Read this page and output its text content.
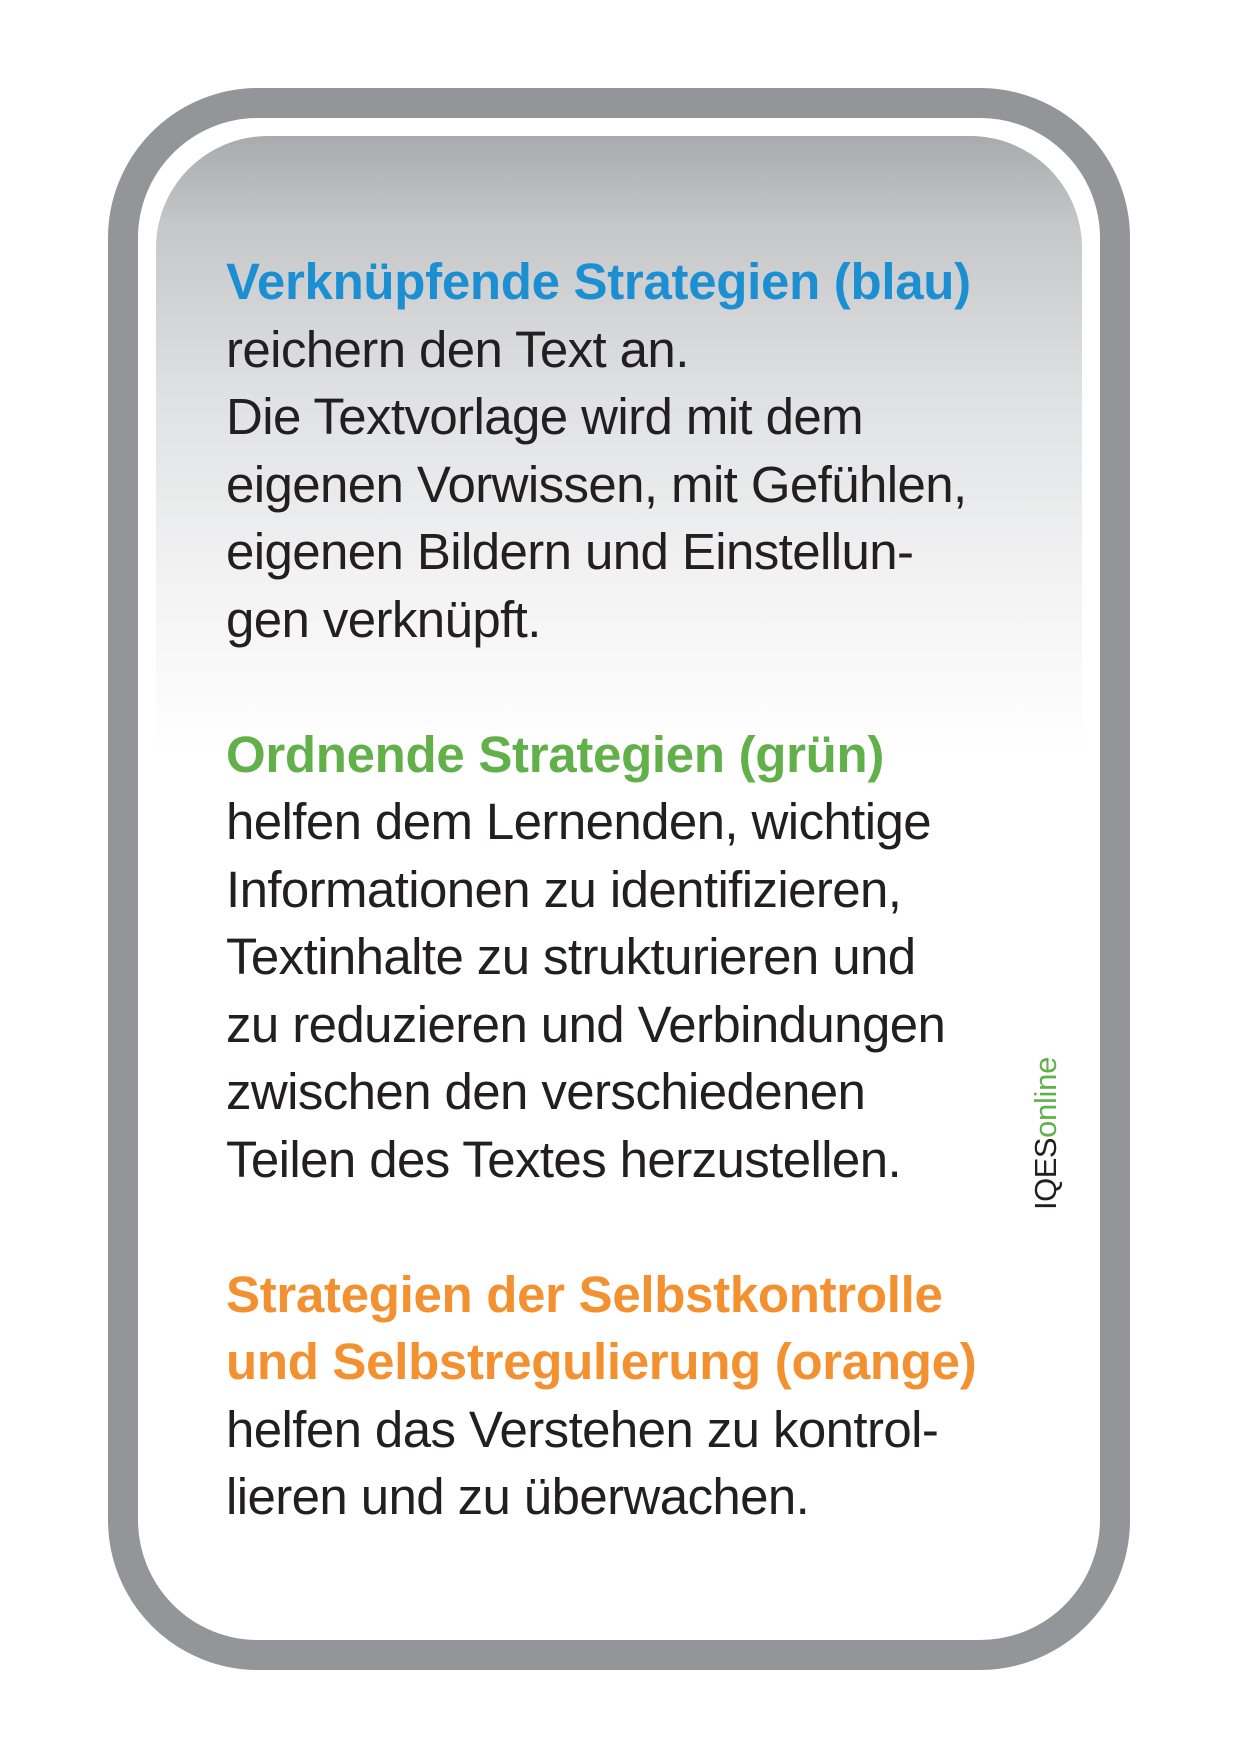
Verknüpfende Strategien (blau)
reichern den Text an.
Die Textvorlage wird mit dem
eigenen Vorwissen, mit Gefühlen,
eigenen Bildern und Einstellun-
gen verknüpft.
Ordnende Strategien (grün)
helfen dem Lernenden, wichtige
Informationen zu identifizieren,
Textinhalte zu strukturieren und
zu reduzieren und Verbindungen
zwischen den verschiedenen
Teilen des Textes herzustellen.
Strategien der Selbstkontrolle
und Selbstregulierung (orange)
helfen das Verstehen zu kontrol-
lieren und zu überwachen.
IQESonline
